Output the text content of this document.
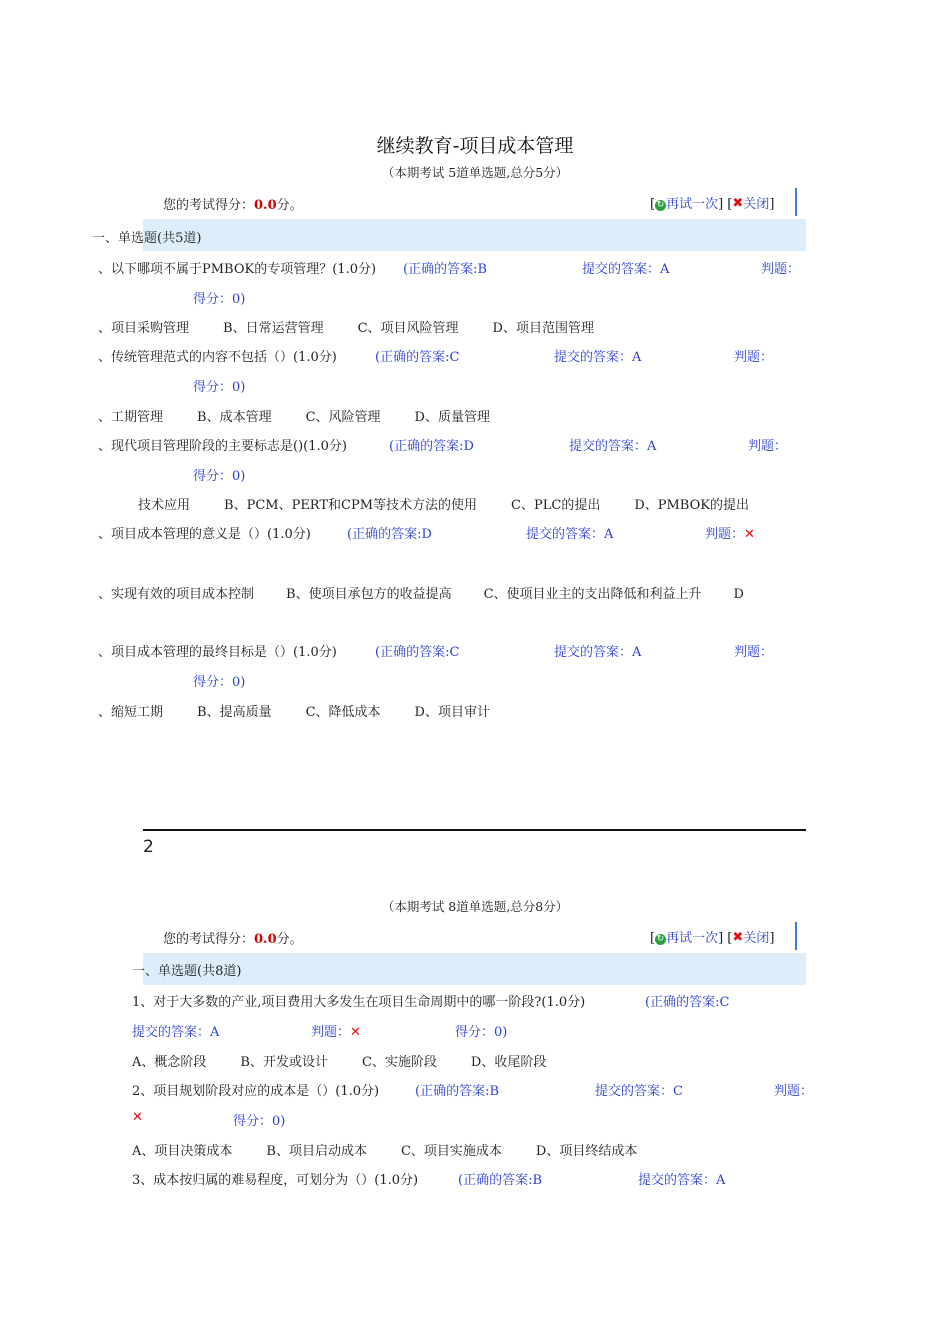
继续教育-项目成本管理
（本期考试 5道单选题,总分5分）
您的考试得分：0.0分。	[ ↻ 再试一次] [✖关闭]
一、单选题(共5道)
、以下哪项不属于PMBOK的专项管理？(1.0分) (正确的答案:B	提交的答案：A	判题：
得分：0)
、项目采购管理	B、日常运营管理	C、项目风险管理	D、项目范围管理
、传统管理范式的内容不包括（）(1.0分)	(正确的答案:C	提交的答案：A	判题：
得分：0)
、工期管理	B、成本管理	C、风险管理	D、质量管理
、现代项目管理阶段的主要标志是()(1.0分)	(正确的答案:D	提交的答案：A	判题：
得分：0)
技术应用	B、PCM、PERT和CPM等技术方法的使用	C、PLC的提出	D、PMBOK的提出
、项目成本管理的意义是（）(1.0分)	(正确的答案:D	提交的答案：A	判题：✕
、实现有效的项目成本控制 B、使项目承包方的收益提高 C、使项目业主的支出降低和利益上升 D
、项目成本管理的最终目标是（）(1.0分)	(正确的答案:C	提交的答案：A	判题：
得分：0)
、缩短工期	B、提高质量	C、降低成本	D、项目审计
2
（本期考试 8道单选题,总分8分）
您的考试得分：0.0分。	[ ↻ 再试一次] [✖关闭]
一、单选题(共8道)
1、对于大多数的产业,项目费用大多发生在项目生命周期中的哪一阶段?(1.0分)	(正确的答案:C
提交的答案：A	判题：✕	得分：0)
A、概念阶段	B、开发或设计	C、实施阶段	D、收尾阶段
2、项目规划阶段对应的成本是（）(1.0分)	(正确的答案:B	提交的答案：C	判题：
✕	得分：0)
A、项目决策成本	B、项目启动成本	C、项目实施成本	D、项目终结成本
3、成本按归属的难易程度，可划分为（）(1.0分)	(正确的答案:B	提交的答案：A
